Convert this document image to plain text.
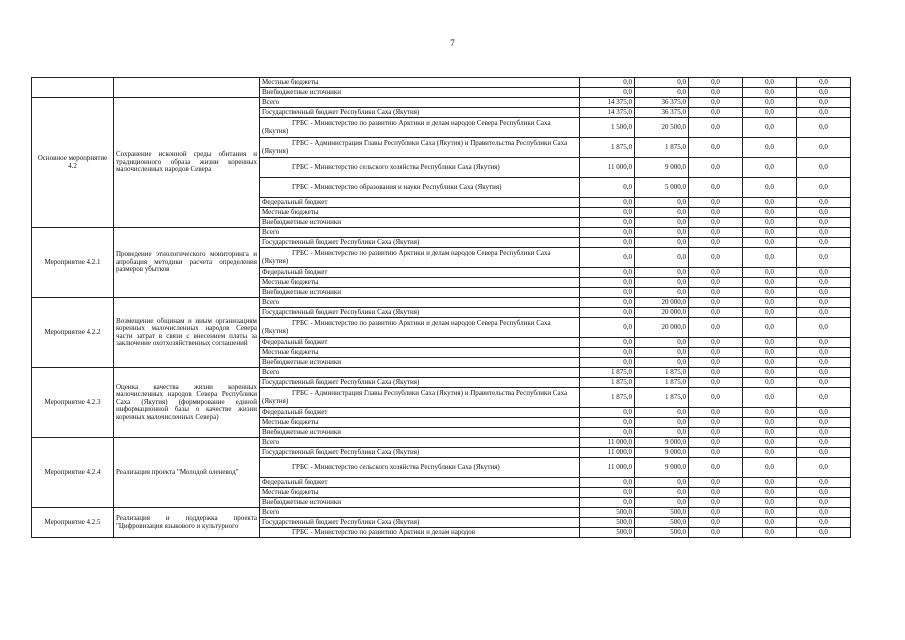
7
		Местные бюджеты	0,0	0,0	0,0	0,0	0,0
		Внебюджетные источники	0,0	0,0	0,0	0,0	0,0
Основное мероприятие 4.2	Сохранение исконной среды обитания и традиционного образа жизни коренных малочисленных народов Севера	Всего	14 375,0	36 375,0	0,0	0,0	0,0
		Государственный бюджет Республики Саха (Якутия)	14 375,0	36 375,0	0,0	0,0	0,0
		ГРБС - Министерство по развитию Арктики и делам народов Севера Республики Саха (Якутия)	1 500,0	20 500,0	0,0	0,0	0,0
		ГРБС - Администрация Главы Республики Саха (Якутия) и Правительства Республики Саха (Якутия)	1 875,0	1 875,0	0,0	0,0	0,0
		ГРБС - Министерство сельского хозяйства Республики Саха (Якутия)	11 000,0	9 000,0	0,0	0,0	0,0
		ГРБС - Министерство образования и науки Республики Саха (Якутия)	0,0	5 000,0	0,0	0,0	0,0
		Федеральный бюджет	0,0	0,0	0,0	0,0	0,0
		Местные бюджеты	0,0	0,0	0,0	0,0	0,0
		Внебюджетные источники	0,0	0,0	0,0	0,0	0,0
Мероприятие 4.2.1	Проведение этнологического мониторинга и апробация методики расчета определения размеров убытков	Всего	0,0	0,0	0,0	0,0	0,0
		Государственный бюджет Республики Саха (Якутия)	0,0	0,0	0,0	0,0	0,0
		ГРБС - Министерство по развитию Арктики и делам народов Севера Республики Саха (Якутия)	0,0	0,0	0,0	0,0	0,0
		Федеральный бюджет	0,0	0,0	0,0	0,0	0,0
		Местные бюджеты	0,0	0,0	0,0	0,0	0,0
		Внебюджетные источники	0,0	0,0	0,0	0,0	0,0
Мероприятие 4.2.2	Возмещение общинам и иным организациям коренных малочисленных народов Севера части затрат в связи с внесением платы за заключение охотхозяйственных соглашений	Всего	0,0	20 000,0	0,0	0,0	0,0
		Государственный бюджет Республики Саха (Якутия)	0,0	20 000,0	0,0	0,0	0,0
		ГРБС - Министерство по развитию Арктики и делам народов Севера Республики Саха (Якутия)	0,0	20 000,0	0,0	0,0	0,0
		Федеральный бюджет	0,0	0,0	0,0	0,0	0,0
		Местные бюджеты	0,0	0,0	0,0	0,0	0,0
		Внебюджетные источники	0,0	0,0	0,0	0,0	0,0
Мероприятие 4.2.3	Оценка качества жизни коренных малочисленных народов Севера Республики Саха (Якутия) (формирование единой информационной базы о качестве жизни коренных малочисленных Севера)	Всего	1 875,0	1 875,0	0,0	0,0	0,0
		Государственный бюджет Республики Саха (Якутия)	1 875,0	1 875,0	0,0	0,0	0,0
		ГРБС - Администрация Главы Республики Саха (Якутия) и Правительства Республики Саха (Якутия)	1 875,0	1 875,0	0,0	0,0	0,0
		Федеральный бюджет	0,0	0,0	0,0	0,0	0,0
		Местные бюджеты	0,0	0,0	0,0	0,0	0,0
		Внебюджетные источники	0,0	0,0	0,0	0,0	0,0
Мероприятие 4.2.4	Реализация проекта "Молодой оленевод"	Всего	11 000,0	9 000,0	0,0	0,0	0,0
		Государственный бюджет Республики Саха (Якутия)	11 000,0	9 000,0	0,0	0,0	0,0
		ГРБС - Министерство сельского хозяйства Республики Саха (Якутия)	11 000,0	9 000,0	0,0	0,0	0,0
		Федеральный бюджет	0,0	0,0	0,0	0,0	0,0
		Местные бюджеты	0,0	0,0	0,0	0,0	0,0
		Внебюджетные источники	0,0	0,0	0,0	0,0	0,0
Мероприятие 4.2.5	Реализация и поддержка проекта "Цифровизация языкового и культурного	Всего	500,0	500,0	0,0	0,0	0,0
		Государственный бюджет Республики Саха (Якутия)	500,0	500,0	0,0	0,0	0,0
		ГРБС - Министерство по развитию Арктики и делам народов	500,0	500,0	0,0	0,0	0,0
